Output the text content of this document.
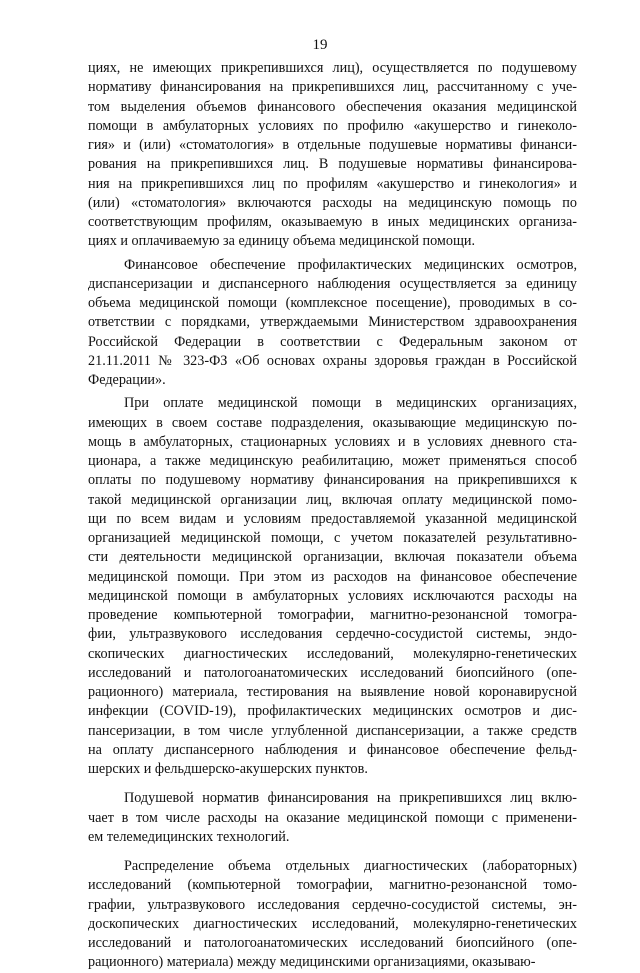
19
циях, не имеющих прикрепившихся лиц), осуществляется по подушевому
нормативу финансирования на прикрепившихся лиц, рассчитанному с уче-
том выделения объемов финансового обеспечения оказания медицинской
помощи в амбулаторных условиях по профилю «акушерство и гинеколо-
гия» и (или) «стоматология» в отдельные подушевые нормативы финанси-
рования на прикрепившихся лиц. В подушевые нормативы финансирова-
ния на прикрепившихся лиц по профилям «акушерство и гинекология» и
(или) «стоматология» включаются расходы на медицинскую помощь по
соответствующим профилям, оказываемую в иных медицинских организа-
циях и оплачиваемую за единицу объема медицинской помощи.
Финансовое обеспечение профилактических медицинских осмотров,
диспансеризации и диспансерного наблюдения осуществляется за единицу
объема медицинской помощи (комплексное посещение), проводимых в со-
ответствии с порядками, утверждаемыми Министерством здравоохранения
Российской Федерации в соответствии с Федеральным законом от
21.11.2011 № 323-ФЗ «Об основах охраны здоровья граждан в Российской
Федерации».
При оплате медицинской помощи в медицинских организациях,
имеющих в своем составе подразделения, оказывающие медицинскую по-
мощь в амбулаторных, стационарных условиях и в условиях дневного ста-
ционара, а также медицинскую реабилитацию, может применяться способ
оплаты по подушевому нормативу финансирования на прикрепившихся к
такой медицинской организации лиц, включая оплату медицинской помо-
щи по всем видам и условиям предоставляемой указанной медицинской
организацией медицинской помощи, с учетом показателей результативно-
сти деятельности медицинской организации, включая показатели объема
медицинской помощи. При этом из расходов на финансовое обеспечение
медицинской помощи в амбулаторных условиях исключаются расходы на
проведение компьютерной томографии, магнитно-резонансной томогра-
фии, ультразвукового исследования сердечно-сосудистой системы, эндо-
скопических диагностических исследований, молекулярно-генетических
исследований и патологоанатомических исследований биопсийного (опе-
рационного) материала, тестирования на выявление новой коронавирусной
инфекции (COVID-19), профилактических медицинских осмотров и дис-
пансеризации, в том числе углубленной диспансеризации, а также средств
на оплату диспансерного наблюдения и финансовое обеспечение фельд-
шерских и фельдшерско-акушерских пунктов.
Подушевой норматив финансирования на прикрепившихся лиц вклю-
чает в том числе расходы на оказание медицинской помощи с применени-
ем телемедицинских технологий.
Распределение объема отдельных диагностических (лабораторных)
исследований (компьютерной томографии, магнитно-резонансной томо-
графии, ультразвукового исследования сердечно-сосудистой системы, эн-
доскопических диагностических исследований, молекулярно-генетических
исследований и патологоанатомических исследований биопсийного (опе-
рационного) материала) между медицинскими организациями, оказываю-
